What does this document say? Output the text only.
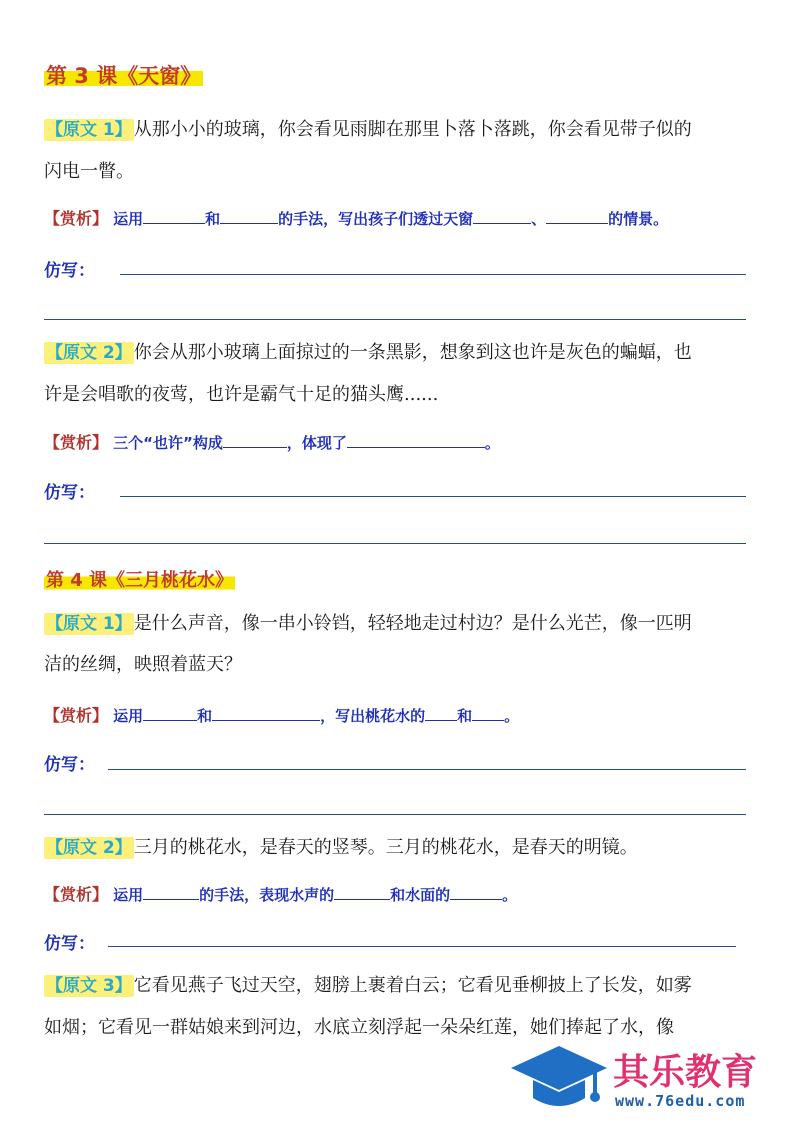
第 3 课《天窗》
【原文 1】 从那小小的玻璃，你会看见雨脚在那里卜落卜落跳，你会看见带子似的
闪电一瞥。
【赏析】 运用	和	的手法，写出孩子们透过天窗	、	的情景。
仿写：
【原文 2】 你会从那小玻璃上面掠过的一条黑影，想象到这也许是灰色的蝙蝠，也
许是会唱歌的夜莺，也许是霸气十足的猫头鹰......
【赏析】 三个“也许”构成	，体现了	。
仿写：
第 4 课《三月桃花水》
【原文 1】 是什么声音，像一串小铃铛，轻轻地走过村边？是什么光芒，像一匹明
洁的丝绸，映照着蓝天？
【赏析】 运用	和	，写出桃花水的 和 。
仿写：
【原文 2】 三月的桃花水，是春天的竖琴。三月的桃花水，是春天的明镜。
【赏析】 运用	的手法，表现水声的	和水面的	。
仿写：
【原文 3】 它看见燕子飞过天空，翅膀上裹着白云；它看见垂柳披上了长发，如雾
如烟；它看见一群姑娘来到河边，水底立刻浮起一朵朵红莲，她们捧起了水，像
其乐教育
www.76edu.com
